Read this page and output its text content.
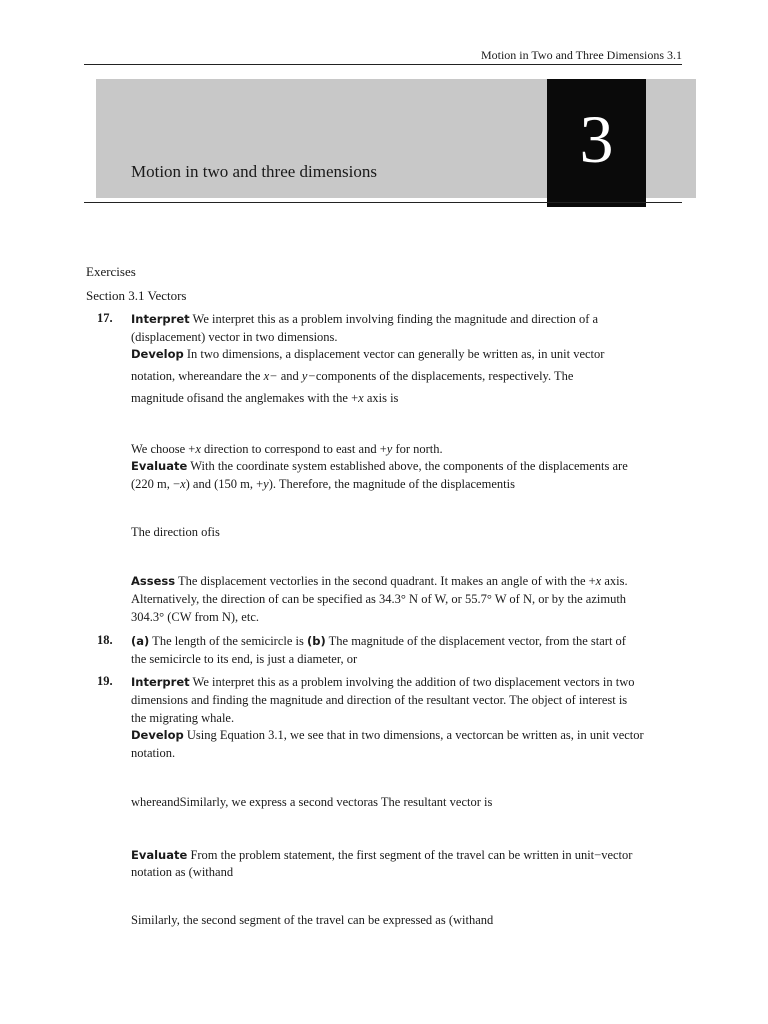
Motion in Two and Three Dimensions 3.1
Motion in two and three dimensions	3
Exercises
Section 3.1 Vectors
17. Interpret We interpret this as a problem involving finding the magnitude and direction of a
(displacement) vector in two dimensions.
Develop In two dimensions, a displacement vector can generally be written as, in unit vector
notation, whereandare the x− and y−components of the displacements, respectively. The
magnitude ofisand the anglemakes with the +x axis is
We choose +x direction to correspond to east and +y for north.
Evaluate With the coordinate system established above, the components of the displacements are
(220 m, −x) and (150 m, +y). Therefore, the magnitude of the displacementis
The direction ofis
Assess The displacement vectorlies in the second quadrant. It makes an angle of with the +x axis.
Alternatively, the direction of can be specified as 34.3° N of W, or 55.7° W of N, or by the azimuth
304.3° (CW from N), etc.
18. (a) The length of the semicircle is (b) The magnitude of the displacement vector, from the start of
the semicircle to its end, is just a diameter, or
19. Interpret We interpret this as a problem involving the addition of two displacement vectors in two
dimensions and finding the magnitude and direction of the resultant vector. The object of interest is
the migrating whale.
Develop Using Equation 3.1, we see that in two dimensions, a vectorcan be written as, in unit vector
notation.
whereandSimilarly, we express a second vectoras The resultant vector is
Evaluate From the problem statement, the first segment of the travel can be written in unit−vector
notation as (withand
Similarly, the second segment of the travel can be expressed as (withand
